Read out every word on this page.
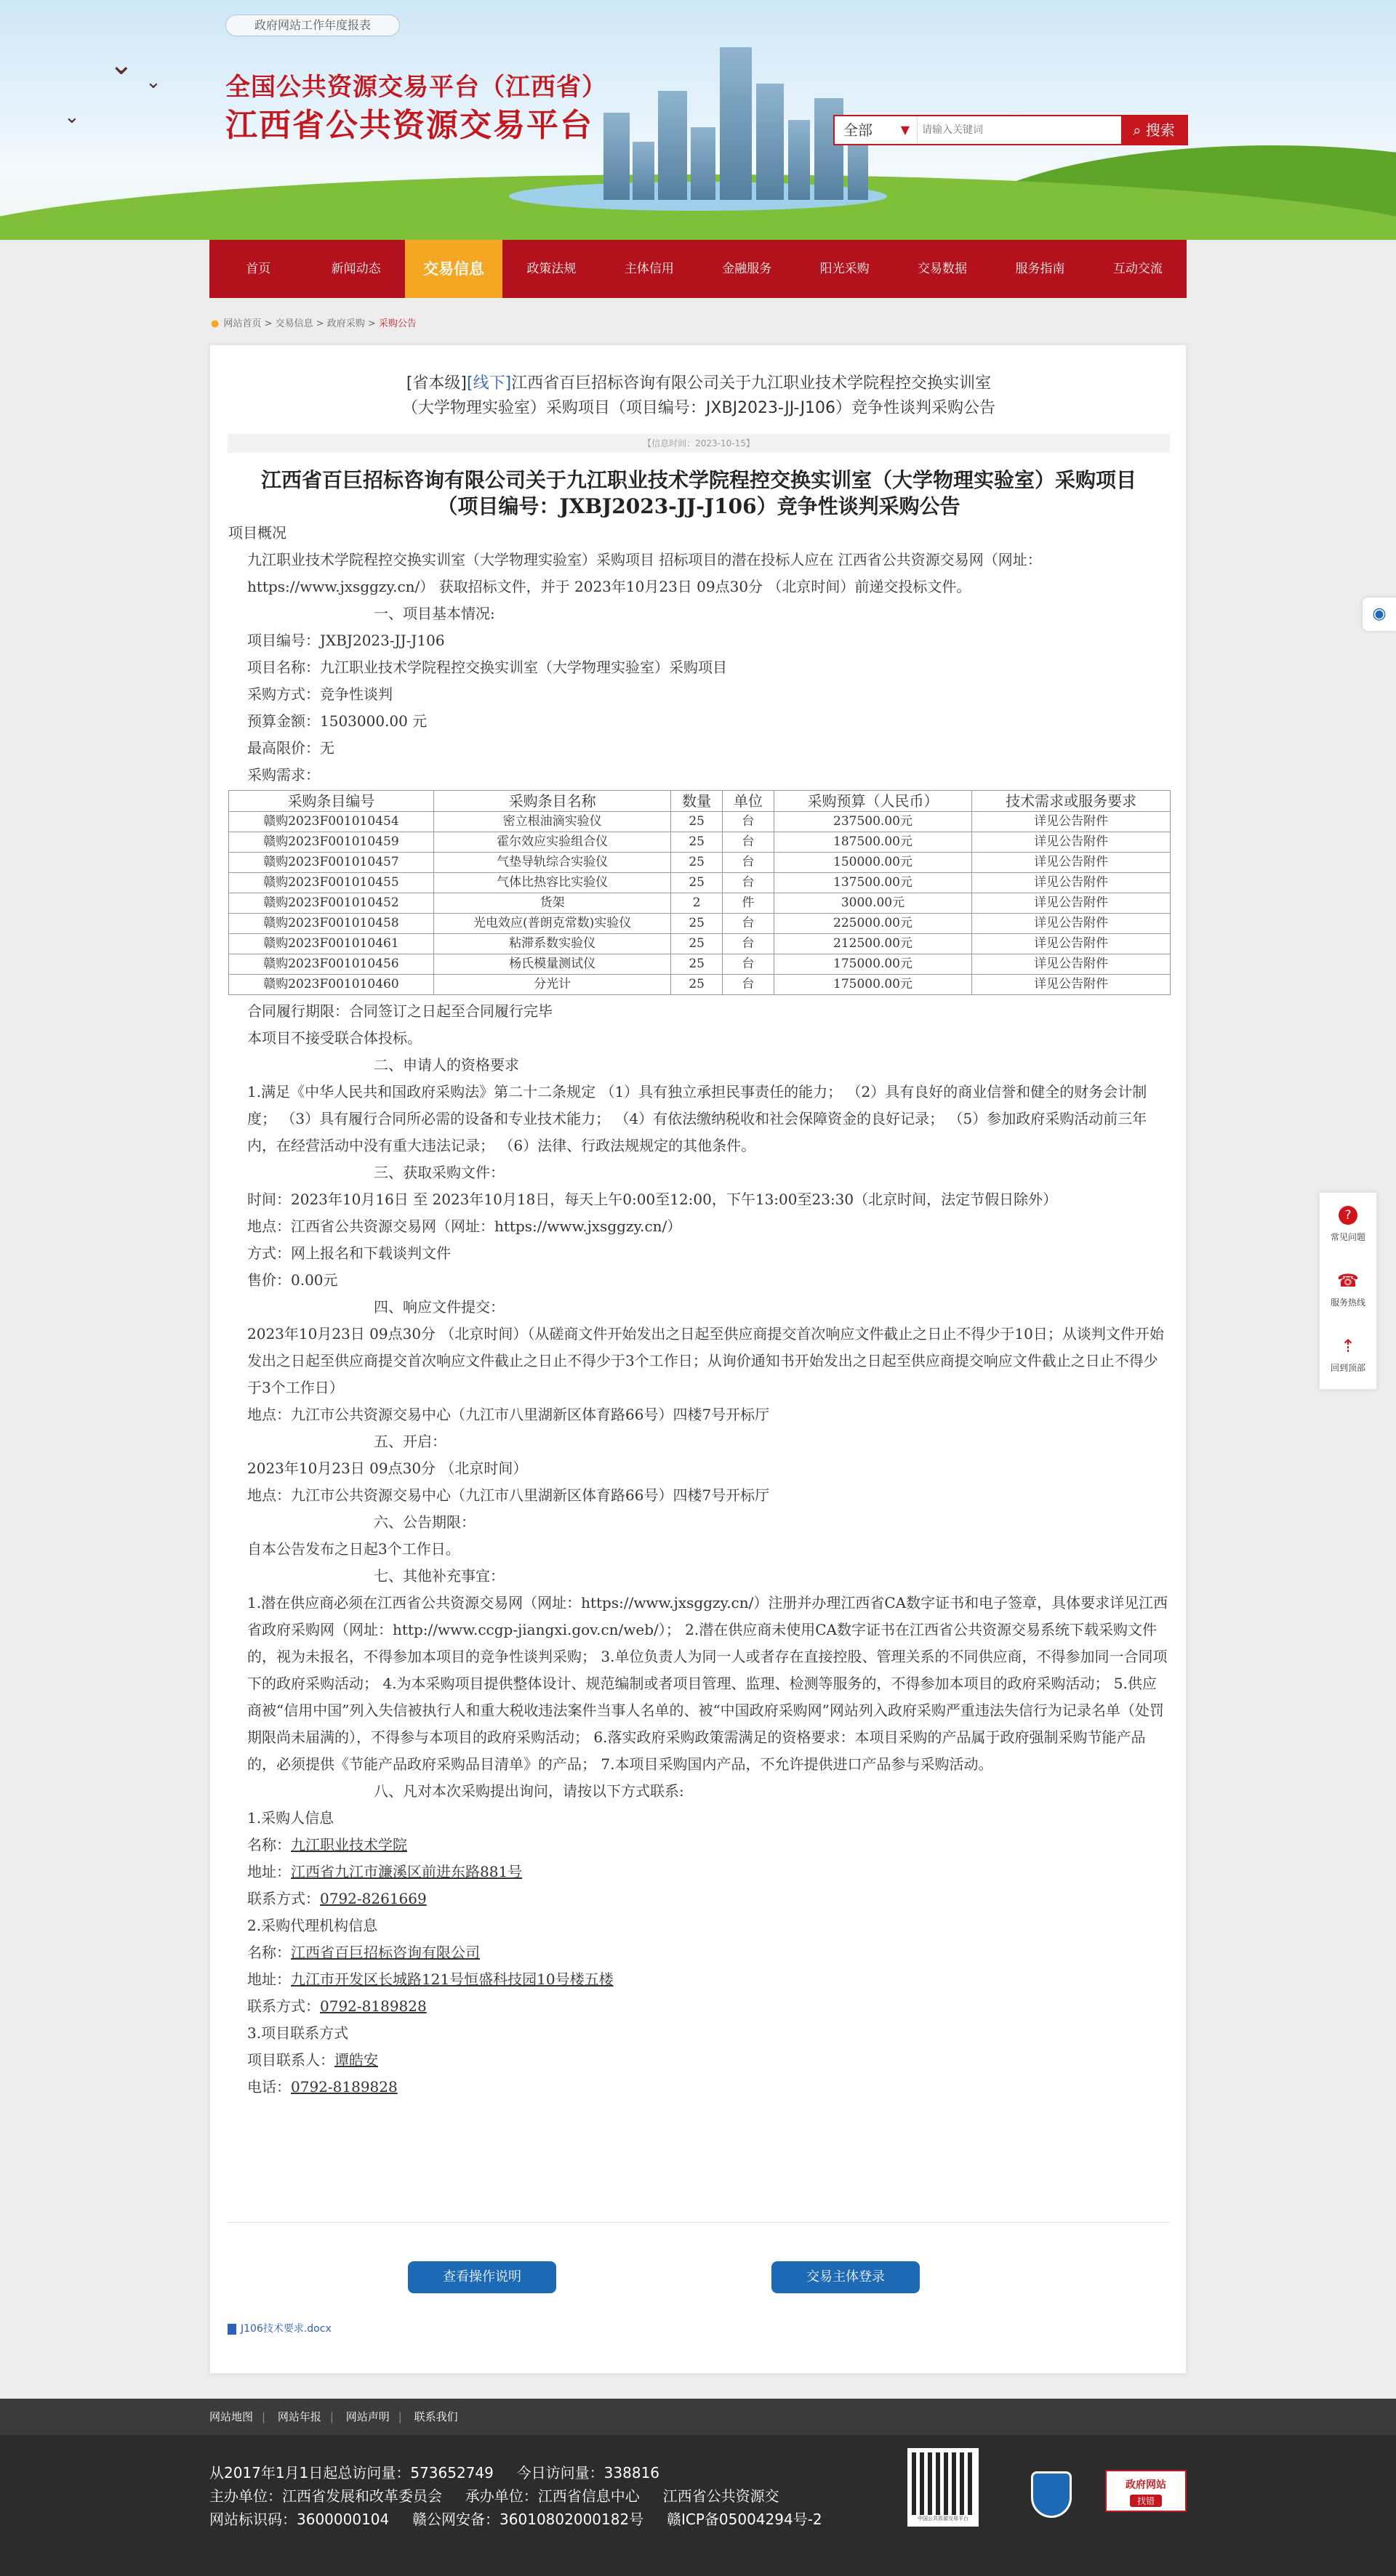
⌄
⌄
⌄
政府网站工作年度报表
全国公共资源交易平台（江西省）
江西省公共资源交易平台	全部 ▼
请输入关键词	⌕ 搜索
首页	新闻动态	交易信息	政策法规	主体信用	金融服务	阳光采购	交易数据	服务指南	互动交流
● 网站首页 > 交易信息 > 政府采购 > 采购公告
[省本级][线下]江西省百巨招标咨询有限公司关于九江职业技术学院程控交换实训室
（大学物理实验室）采购项目（项目编号：JXBJ2023-JJ-J106）竞争性谈判采购公告
【信息时间：2023-10-15】
江西省百巨招标咨询有限公司关于九江职业技术学院程控交换实训室（大学物理实验室）采购项目
（项目编号：JXBJ2023-JJ-J106）竞争性谈判采购公告

项目概况

九江职业技术学院程控交换实训室（大学物理实验室）采购项目 招标项目的潜在投标人应在 江西省公共资源交易网（网址：https://www.jxsggzy.cn/） 获取招标文件，并于 2023年10月23日 09点30分 （北京时间）前递交投标文件。

一、项目基本情况:

项目编号：JXBJ2023-JJ-J106

项目名称：九江职业技术学院程控交换实训室（大学物理实验室）采购项目

采购方式：竞争性谈判

预算金额：1503000.00 元

最高限价：无

采购需求：

采购条目编号	采购条目名称	数量	单位	采购预算（人民币）	技术需求或服务要求
赣购2023F001010454	密立根油滴实验仪	25	台	237500.00元	详见公告附件
赣购2023F001010459	霍尔效应实验组合仪	25	台	187500.00元	详见公告附件
赣购2023F001010457	气垫导轨综合实验仪	25	台	150000.00元	详见公告附件
赣购2023F001010455	气体比热容比实验仪	25	台	137500.00元	详见公告附件
赣购2023F001010452	货架	2	件	3000.00元	详见公告附件
赣购2023F001010458	光电效应(普朗克常数)实验仪	25	台	225000.00元	详见公告附件
赣购2023F001010461	粘滞系数实验仪	25	台	212500.00元	详见公告附件
赣购2023F001010456	杨氏模量测试仪	25	台	175000.00元	详见公告附件
赣购2023F001010460	分光计	25	台	175000.00元	详见公告附件

合同履行期限：合同签订之日起至合同履行完毕

本项目不接受联合体投标。

二、申请人的资格要求

1.满足《中华人民共和国政府采购法》第二十二条规定 （1）具有独立承担民事责任的能力； （2）具有良好的商业信誉和健全的财务会计制度； （3）具有履行合同所必需的设备和专业技术能力； （4）有依法缴纳税收和社会保障资金的良好记录； （5）参加政府采购活动前三年内，在经营活动中没有重大违法记录； （6）法律、行政法规规定的其他条件。

三、获取采购文件：

时间：2023年10月16日 至 2023年10月18日，每天上午0:00至12:00，下午13:00至23:30（北京时间，法定节假日除外）

地点：江西省公共资源交易网（网址：https://www.jxsggzy.cn/）

方式：网上报名和下载谈判文件

售价：0.00元

四、响应文件提交：

2023年10月23日 09点30分 （北京时间）（从磋商文件开始发出之日起至供应商提交首次响应文件截止之日止不得少于10日；从谈判文件开始发出之日起至供应商提交首次响应文件截止之日止不得少于3个工作日；从询价通知书开始发出之日起至供应商提交响应文件截止之日止不得少于3个工作日）

地点：九江市公共资源交易中心（九江市八里湖新区体育路66号）四楼7号开标厅

五、开启：

2023年10月23日 09点30分 （北京时间）

地点：九江市公共资源交易中心（九江市八里湖新区体育路66号）四楼7号开标厅

六、公告期限：

自本公告发布之日起3个工作日。

七、其他补充事宜：

1.潜在供应商必须在江西省公共资源交易网（网址：https://www.jxsggzy.cn/）注册并办理江西省CA数字证书和电子签章，具体要求详见江西省政府采购网（网址：http://www.ccgp-jiangxi.gov.cn/web/）； 2.潜在供应商未使用CA数字证书在江西省公共资源交易系统下载采购文件的，视为未报名，不得参加本项目的竞争性谈判采购； 3.单位负责人为同一人或者存在直接控股、管理关系的不同供应商，不得参加同一合同项下的政府采购活动； 4.为本采购项目提供整体设计、规范编制或者项目管理、监理、检测等服务的，不得参加本项目的政府采购活动； 5.供应商被“信用中国”列入失信被执行人和重大税收违法案件当事人名单的、被“中国政府采购网”网站列入政府采购严重违法失信行为记录名单（处罚期限尚未届满的），不得参与本项目的政府采购活动； 6.落实政府采购政策需满足的资格要求：本项目采购的产品属于政府强制采购节能产品的，必须提供《节能产品政府采购品目清单》的产品； 7.本项目采购国内产品，不允许提供进口产品参与采购活动。

八、凡对本次采购提出询问，请按以下方式联系:

1.采购人信息

名称：九江职业技术学院

地址：江西省九江市濂溪区前进东路881号

联系方式：0792-8261669

2.采购代理机构信息

名称：江西省百巨招标咨询有限公司

地址：九江市开发区长城路121号恒盛科技园10号楼五楼

联系方式：0792-8189828

3.项目联系方式

项目联系人：谭皓安

电话：0792-8189828

查看操作说明	交易主体登录
J106技术要求.docx
◉
?
常见问题
☎
服务热线
⇡
回到顶部
网站地图 | 网站年报 | 网站声明 | 联系我们
从2017年1月1日起总访问量：573652749 今日访问量：338816
主办单位：江西省发展和改革委员会 承办单位：江西省信息中心 江西省公共资源交
网站标识码：3600000104 赣公网安备：36010802000182号 赣ICP备05004294号-2	中国公共资源交易平台
政府网站
找错
